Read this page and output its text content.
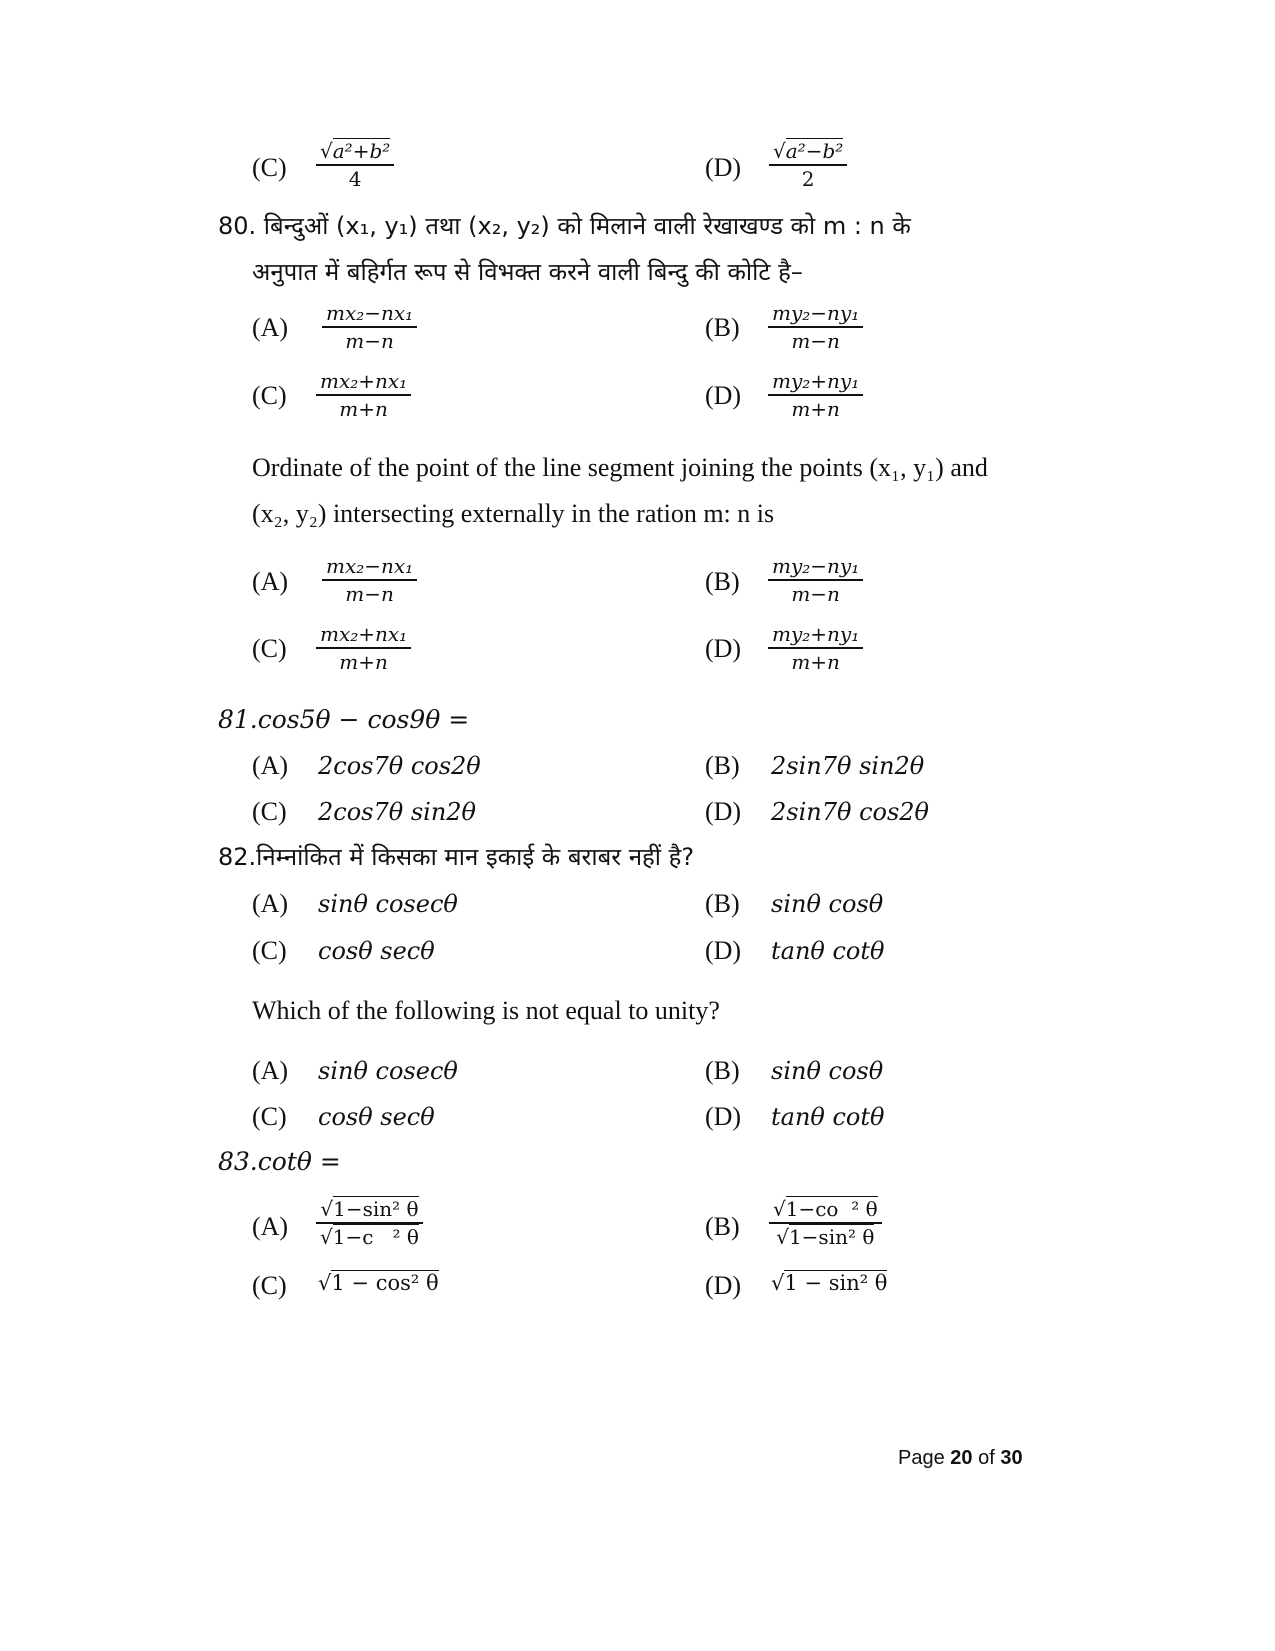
(C)
√a²+b²
4	(D)
√a²−b²
2
80. बिन्दुओं (x₁, y₁) तथा (x₂, y₂) को मिलाने वाली रेखाखण्ड को m : n के
अनुपात में बहिर्गत रूप से विभक्त करने वाली बिन्दु की कोटि है–
(A) mx₂−nx₁
m−n	(B) my₂−ny₁
m−n
(C) mx₂+nx₁
m+n	(D) my₂+ny₁
m+n
Ordinate of the point of the line segment joining the points (x₁, y₁) and
(x₂, y₂) intersecting externally in the ration m: n is
(A)
mx₂−nx₁
m−n	(B)
my₂−ny₁
m−n
(C) mx₂+nx₁
m+n	(D) my₂+ny₁
m+n
81.cos5θ − cos9θ =
(A) 2cos7θ cos2θ	(B) 2sin7θ sin2θ
(C) 2cos7θ sin2θ	(D) 2sin7θ cos2θ
82.निम्नांकित में किसका मान इकाई के बराबर नहीं है?
(A) sinθ cosecθ	(B) sinθ cosθ
(C) cosθ secθ	(D) tanθ cotθ
Which of the following is not equal to unity?
(A) sinθ cosecθ	(B) sinθ cosθ
(C) cosθ secθ	(D) tanθ cotθ
83.cotθ =
(A)
√1−sin² θ
√1−c   ² θ	(B)
√1−co  ² θ
√1−sin² θ
(C) √1 − cos² θ	(D) √1 − sin² θ
Page 20 of 30
